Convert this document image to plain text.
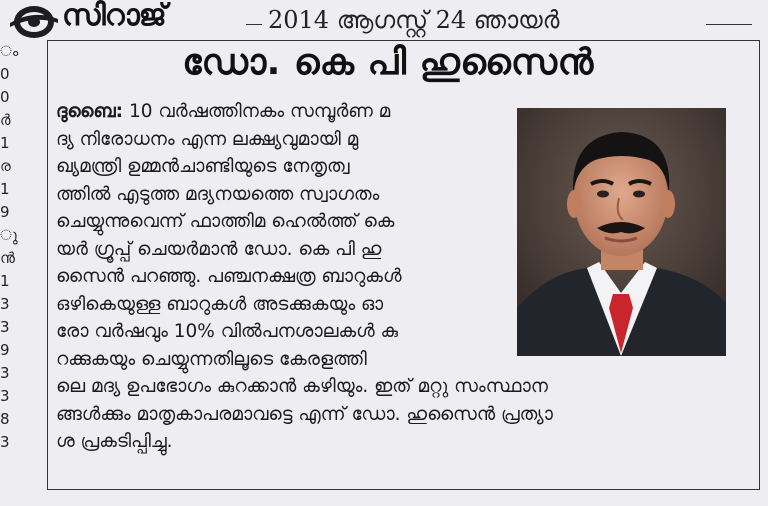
ം
0
0
ർ
1
ര
1
9
ു
ൻ
1
3
3
9
3
3
8
3
സിറാജ്	2014 ആഗസ്റ്റ് 24 ഞായർ
ഡോ. കെ പി ഹുസൈൻ
ദുബൈ: 10 വർഷത്തിനകം സമ്പൂർണ മ
ദ്യ നിരോധനം എന്ന ലക്ഷ്യവുമായി മു
ഖ്യമന്ത്രി ഉമ്മൻചാണ്ടിയുടെ നേതൃത്വ
ത്തിൽ എടുത്ത മദ്യനയത്തെ സ്വാഗതം
ചെയ്യുന്നുവെന്ന് ഫാത്തിമ ഹെൽത്ത് കെ
യർ ഗ്രൂപ്പ് ചെയർമാൻ ഡോ. കെ പി ഹു
സൈൻ പറഞ്ഞു. പഞ്ചനക്ഷത്ര ബാറുകൾ
ഒഴികെയുള്ള ബാറുകൾ അടക്കുകയും ഓ
രോ വർഷവും 10% വിൽപനശാലകൾ കു
റക്കുകയും ചെയ്യുന്നതിലൂടെ കേരളത്തി
ലെ മദ്യ ഉപഭോഗം കുറക്കാൻ കഴിയും. ഇത് മറ്റു സംസ്ഥാന
ങ്ങൾക്കും മാതൃകാപരമാവട്ടെ എന്ന് ഡോ. ഹുസൈൻ പ്രത്യാ
ശ പ്രകടിപ്പിച്ചു.
